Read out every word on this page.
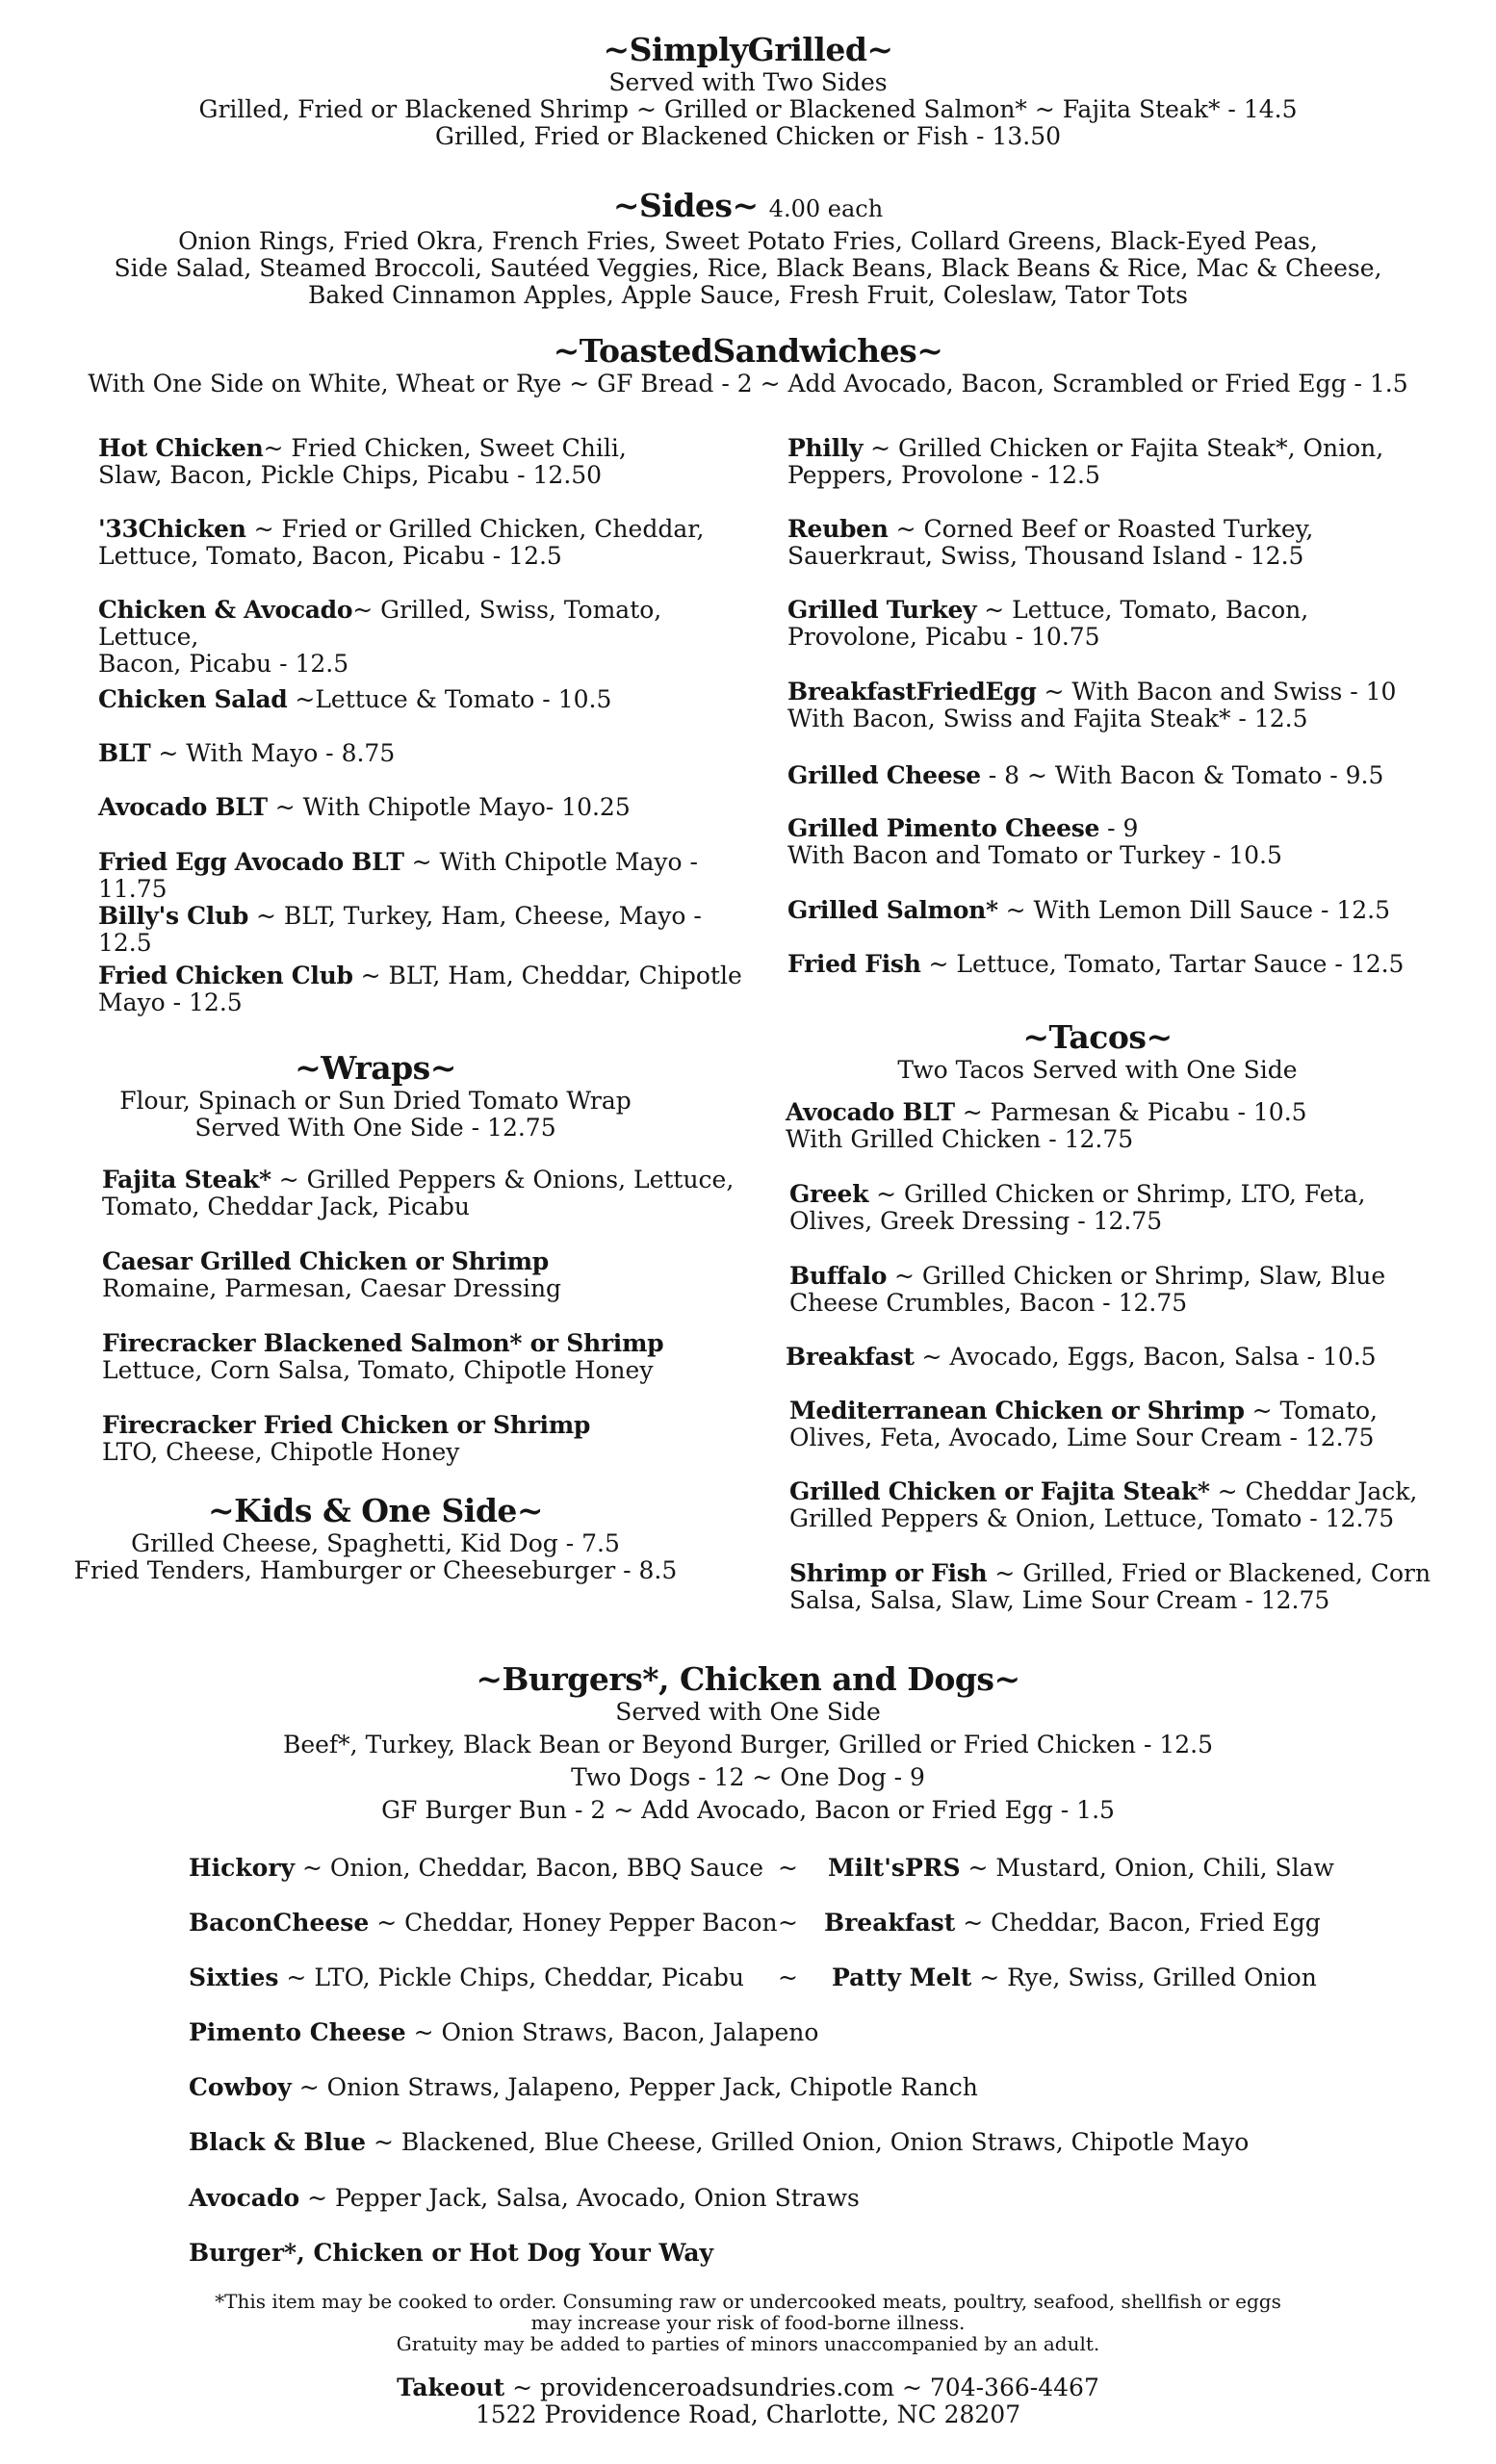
~SimplyGrilled~
Served with Two Sides
Grilled, Fried or Blackened Shrimp ~ Grilled or Blackened Salmon* ~ Fajita Steak* - 14.5
Grilled, Fried or Blackened Chicken or Fish - 13.50
~Sides~ 4.00 each
Onion Rings, Fried Okra, French Fries, Sweet Potato Fries, Collard Greens, Black-Eyed Peas,
Side Salad, Steamed Broccoli, Sautéed Veggies, Rice, Black Beans, Black Beans & Rice, Mac & Cheese,
Baked Cinnamon Apples, Apple Sauce, Fresh Fruit, Coleslaw, Tator Tots
~ToastedSandwiches~
With One Side on White, Wheat or Rye ~ GF Bread - 2 ~ Add Avocado, Bacon, Scrambled or Fried Egg - 1.5
Hot Chicken~ Fried Chicken, Sweet Chili,
Slaw, Bacon, Pickle Chips, Picabu - 12.50
'33Chicken ~ Fried or Grilled Chicken, Cheddar,
Lettuce, Tomato, Bacon, Picabu - 12.5
Chicken & Avocado~ Grilled, Swiss, Tomato, Lettuce,
Bacon, Picabu - 12.5
Chicken Salad ~Lettuce & Tomato - 10.5
BLT ~ With Mayo - 8.75
Avocado BLT ~ With Chipotle Mayo- 10.25
Fried Egg Avocado BLT ~ With Chipotle Mayo - 11.75
Billy's Club ~ BLT, Turkey, Ham, Cheese, Mayo - 12.5
Fried Chicken Club ~ BLT, Ham, Cheddar, Chipotle
Mayo - 12.5
Philly ~ Grilled Chicken or Fajita Steak*, Onion,
Peppers, Provolone - 12.5
Reuben ~ Corned Beef or Roasted Turkey,
Sauerkraut, Swiss, Thousand Island - 12.5
Grilled Turkey ~ Lettuce, Tomato, Bacon,
Provolone, Picabu - 10.75
BreakfastFriedEgg ~ With Bacon and Swiss - 10
With Bacon, Swiss and Fajita Steak* - 12.5
Grilled Cheese - 8 ~ With Bacon & Tomato - 9.5
Grilled Pimento Cheese - 9
With Bacon and Tomato or Turkey - 10.5
Grilled Salmon* ~ With Lemon Dill Sauce - 12.5
Fried Fish ~ Lettuce, Tomato, Tartar Sauce - 12.5
~Wraps~
Flour, Spinach or Sun Dried Tomato Wrap
Served With One Side - 12.75
Fajita Steak* ~ Grilled Peppers & Onions, Lettuce,
Tomato, Cheddar Jack, Picabu
Caesar Grilled Chicken or Shrimp
Romaine, Parmesan, Caesar Dressing
Firecracker Blackened Salmon* or Shrimp
Lettuce, Corn Salsa, Tomato, Chipotle Honey
Firecracker Fried Chicken or Shrimp
LTO, Cheese, Chipotle Honey
~Kids & One Side~
Grilled Cheese, Spaghetti, Kid Dog - 7.5
Fried Tenders, Hamburger or Cheeseburger - 8.5
~Tacos~
Two Tacos Served with One Side
Avocado BLT ~ Parmesan & Picabu - 10.5
With Grilled Chicken - 12.75
Greek ~ Grilled Chicken or Shrimp, LTO, Feta,
Olives, Greek Dressing - 12.75
Buffalo ~ Grilled Chicken or Shrimp, Slaw, Blue
Cheese Crumbles, Bacon - 12.75
Breakfast ~ Avocado, Eggs, Bacon, Salsa - 10.5
Mediterranean Chicken or Shrimp ~ Tomato,
Olives, Feta, Avocado, Lime Sour Cream - 12.75
Grilled Chicken or Fajita Steak* ~ Cheddar Jack,
Grilled Peppers & Onion, Lettuce, Tomato - 12.75
Shrimp or Fish ~ Grilled, Fried or Blackened, Corn
Salsa, Salsa, Slaw, Lime Sour Cream - 12.75
~Burgers*, Chicken and Dogs~
Served with One Side
Beef*, Turkey, Black Bean or Beyond Burger, Grilled or Fried Chicken - 12.5
Two Dogs - 12 ~ One Dog - 9
GF Burger Bun - 2 ~ Add Avocado, Bacon or Fried Egg - 1.5
Hickory ~ Onion, Cheddar, Bacon, BBQ Sauce
BaconCheese ~ Cheddar, Honey Pepper Bacon
Sixties ~ LTO, Pickle Chips, Cheddar, Picabu
Pimento Cheese ~ Onion Straws, Bacon, Jalapeno
Cowboy ~ Onion Straws, Jalapeno, Pepper Jack, Chipotle Ranch
Black & Blue ~ Blackened, Blue Cheese, Grilled Onion, Onion Straws, Chipotle Mayo
Avocado ~ Pepper Jack, Salsa, Avocado, Onion Straws
Burger*, Chicken or Hot Dog Your Way
~
~
~
Milt'sPRS ~ Mustard, Onion, Chili, Slaw
Breakfast ~ Cheddar, Bacon, Fried Egg
Patty Melt ~ Rye, Swiss, Grilled Onion
*This item may be cooked to order. Consuming raw or undercooked meats, poultry, seafood, shellfish or eggs
may increase your risk of food-borne illness.
Gratuity may be added to parties of minors unaccompanied by an adult.
Takeout ~ providenceroadsundries.com ~ 704-366-4467
1522 Providence Road, Charlotte, NC 28207
